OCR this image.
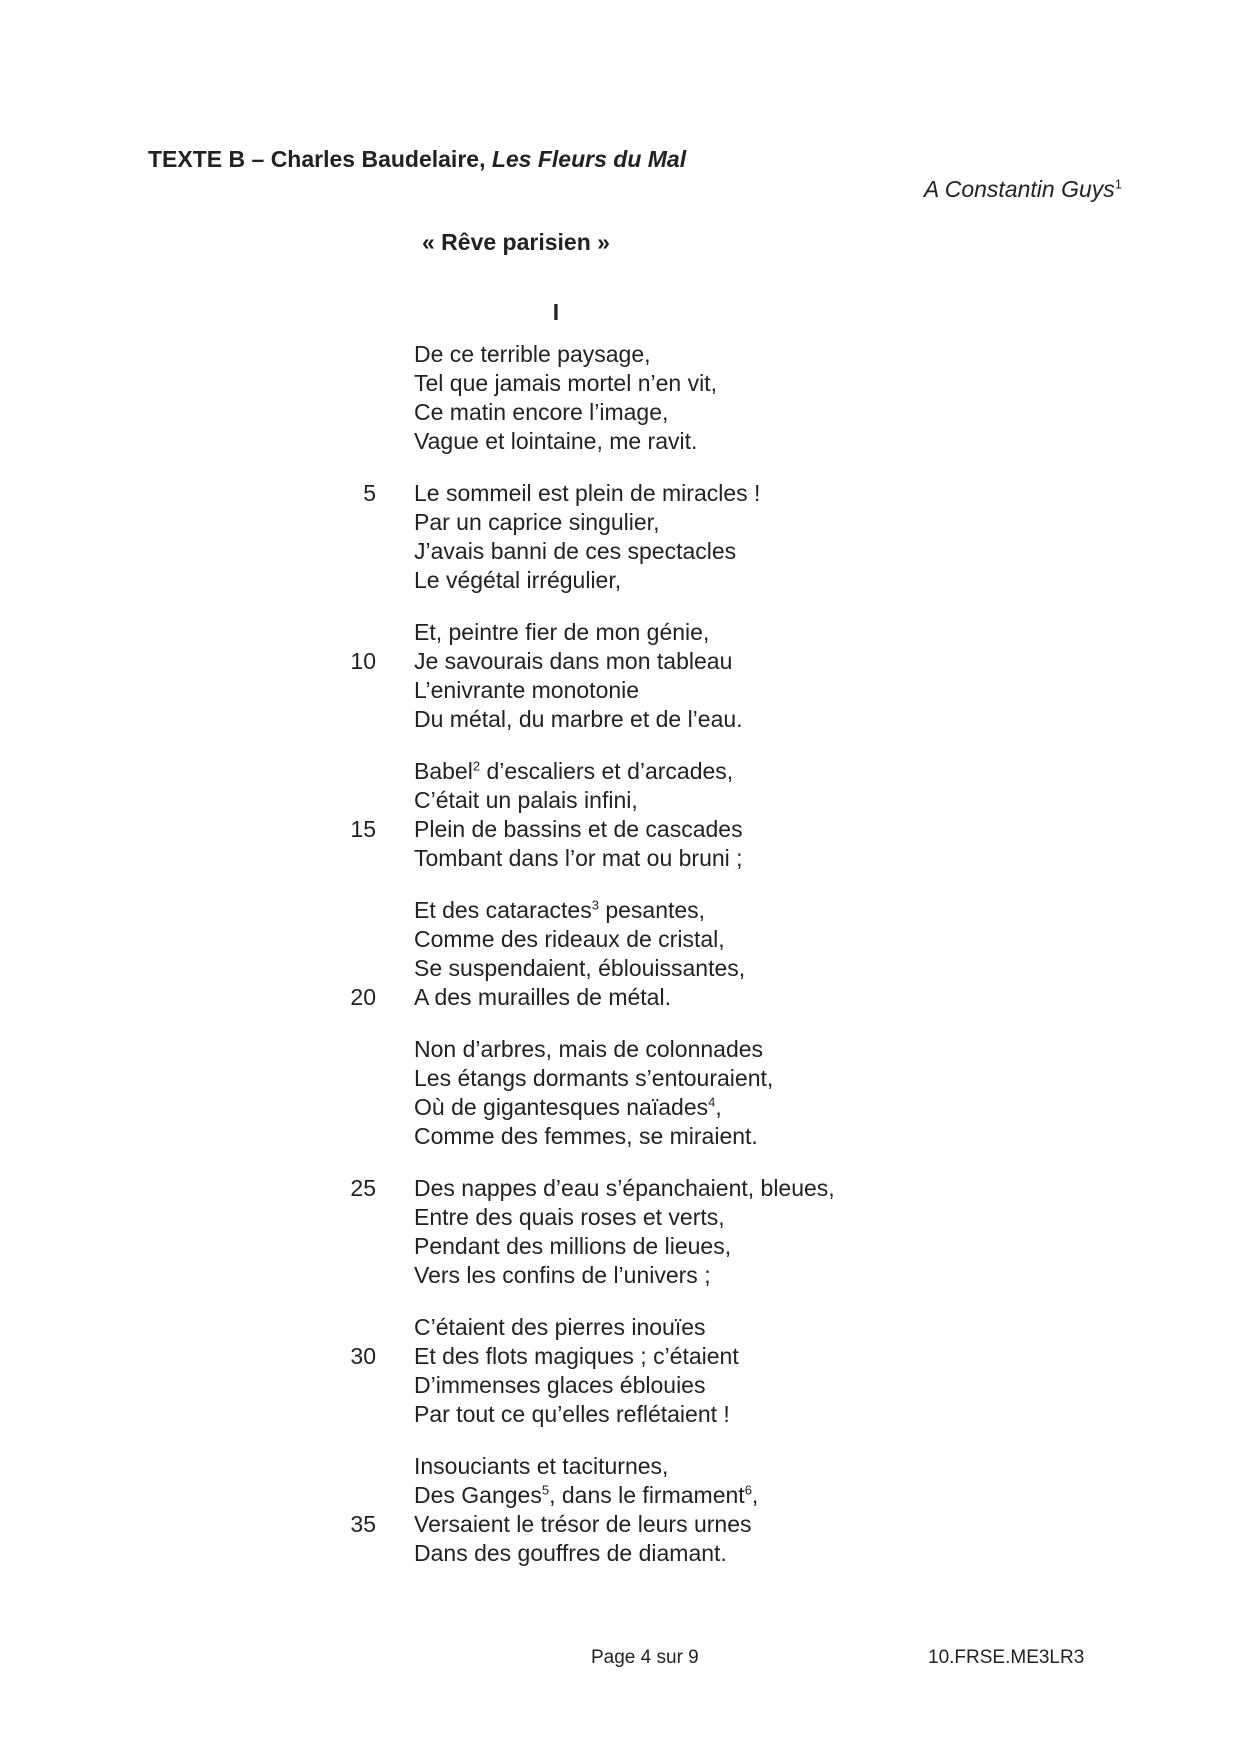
TEXTE B – Charles Baudelaire, Les Fleurs du Mal
A Constantin Guys$^1$
« Rêve parisien »
I
De ce terrible paysage,
Tel que jamais mortel n’en vit,
Ce matin encore l’image,
Vague et lointaine, me ravit.
5 Le sommeil est plein de miracles !
Par un caprice singulier,
J’avais banni de ces spectacles
Le végétal irrégulier,
Et, peintre fier de mon génie,
10 Je savourais dans mon tableau
L’enivrante monotonie
Du métal, du marbre et de l’eau.
Babel$^2$ d’escaliers et d’arcades,
C’était un palais infini,
15 Plein de bassins et de cascades
Tombant dans l’or mat ou bruni ;
Et des cataractes$^3$ pesantes,
Comme des rideaux de cristal,
Se suspendaient, éblouissantes,
20 A des murailles de métal.
Non d’arbres, mais de colonnades
Les étangs dormants s’entouraient,
Où de gigantesques naïades$^4$,
Comme des femmes, se miraient.
25 Des nappes d’eau s’épanchaient, bleues,
Entre des quais roses et verts,
Pendant des millions de lieues,
Vers les confins de l’univers ;
C’étaient des pierres inouïes
30 Et des flots magiques ; c’étaient
D’immenses glaces éblouies
Par tout ce qu’elles reflétaient !
Insouciants et taciturnes,
Des Ganges$^5$, dans le firmament$^6$,
35 Versaient le trésor de leurs urnes
Dans des gouffres de diamant.
Page 4 sur 9	10.FRSE.ME3LR3
